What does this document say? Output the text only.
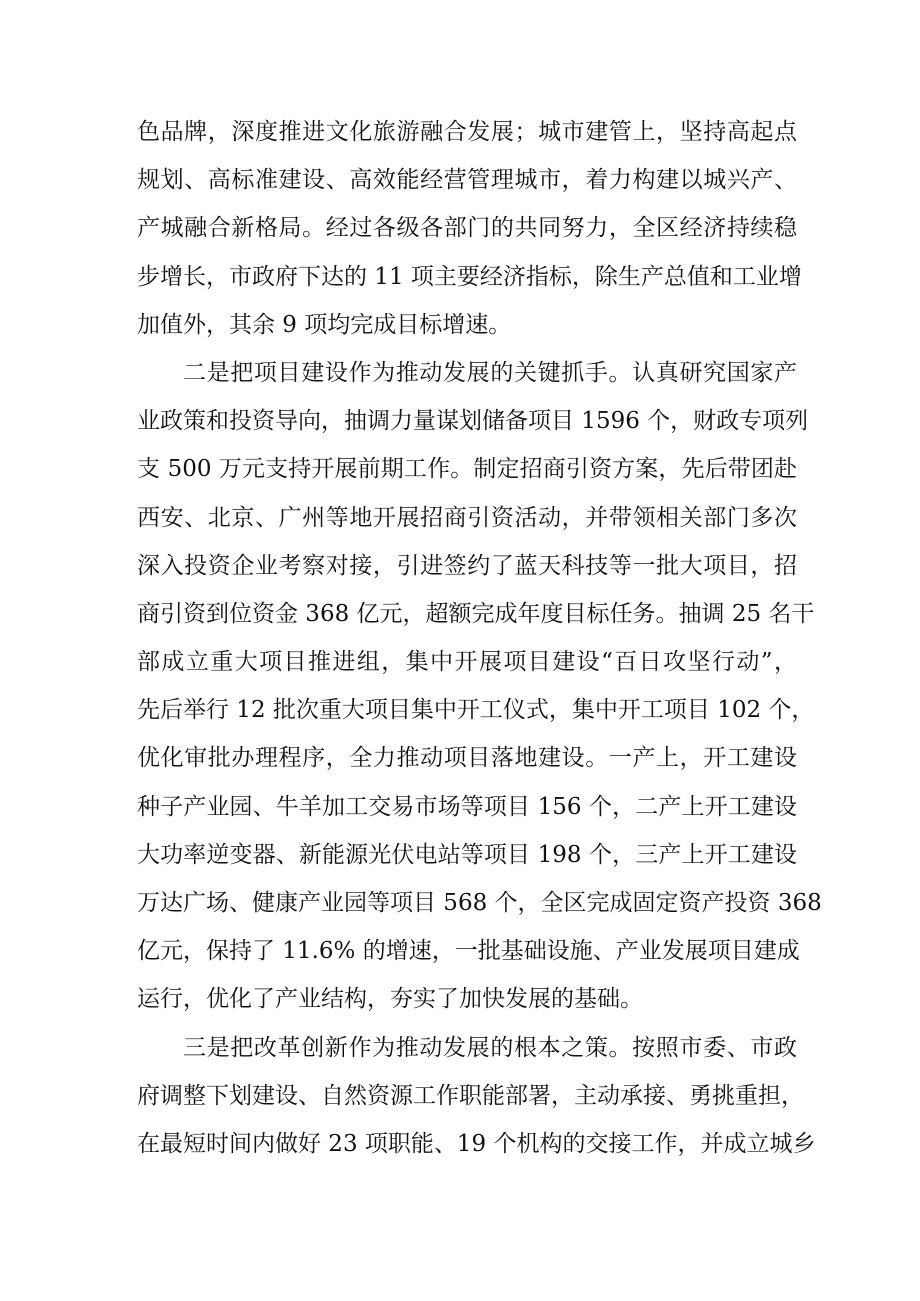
色品牌，深度推进文化旅游融合发展；城市建管上，坚持高起点
规划、高标准建设、高效能经营管理城市，着力构建以城兴产、
产城融合新格局。经过各级各部门的共同努力，全区经济持续稳
步增长，市政府下达的 11 项主要经济指标，除生产总值和工业增
加值外，其余 9 项均完成目标增速。
二是把项目建设作为推动发展的关键抓手。认真研究国家产
业政策和投资导向，抽调力量谋划储备项目 1596 个，财政专项列
支 500 万元支持开展前期工作。制定招商引资方案，先后带团赴
西安、北京、广州等地开展招商引资活动，并带领相关部门多次
深入投资企业考察对接，引进签约了蓝天科技等一批大项目，招
商引资到位资金 368 亿元，超额完成年度目标任务。抽调 25 名干
部成立重大项目推进组，集中开展项目建设“百日攻坚行动”，
先后举行 12 批次重大项目集中开工仪式，集中开工项目 102 个，
优化审批办理程序，全力推动项目落地建设。一产上，开工建设
种子产业园、牛羊加工交易市场等项目 156 个，二产上开工建设
大功率逆变器、新能源光伏电站等项目 198 个，三产上开工建设
万达广场、健康产业园等项目 568 个，全区完成固定资产投资 368
亿元，保持了 11.6% 的增速，一批基础设施、产业发展项目建成
运行，优化了产业结构，夯实了加快发展的基础。
三是把改革创新作为推动发展的根本之策。按照市委、市政
府调整下划建设、自然资源工作职能部署，主动承接、勇挑重担，
在最短时间内做好 23 项职能、19 个机构的交接工作，并成立城乡
